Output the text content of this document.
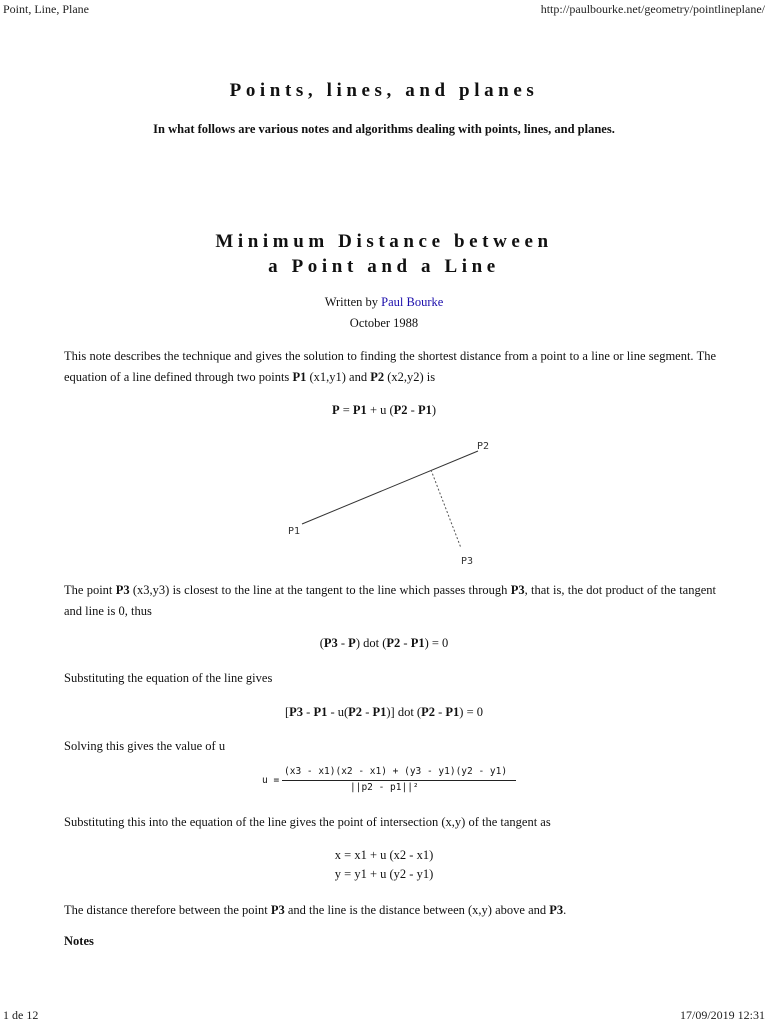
Point, Line, Plane	http://paulbourke.net/geometry/pointlineplane/
Points, lines, and planes
In what follows are various notes and algorithms dealing with points, lines, and planes.
Minimum Distance between
a Point and a Line
Written by Paul Bourke
October 1988
This note describes the technique and gives the solution to finding the shortest distance from a point to a line or line segment. The equation of a line defined through two points P1 (x1,y1) and P2 (x2,y2) is
P = P1 + u (P2 - P1)
P1
P2
P3
The point P3 (x3,y3) is closest to the line at the tangent to the line which passes through P3, that is, the dot product of the tangent and line is 0, thus
(P3 - P) dot (P2 - P1) = 0
Substituting the equation of the line gives
[P3 - P1 - u(P2 - P1)] dot (P2 - P1) = 0
Solving this gives the value of u
u =
(x3 - x1)(x2 - x1) + (y3 - y1)(y2 - y1)
||p2 - p1||²
Substituting this into the equation of the line gives the point of intersection (x,y) of the tangent as
x = x1 + u (x2 - x1)
y = y1 + u (y2 - y1)
The distance therefore between the point P3 and the line is the distance between (x,y) above and P3.
Notes
1 de 12	17/09/2019 12:31
